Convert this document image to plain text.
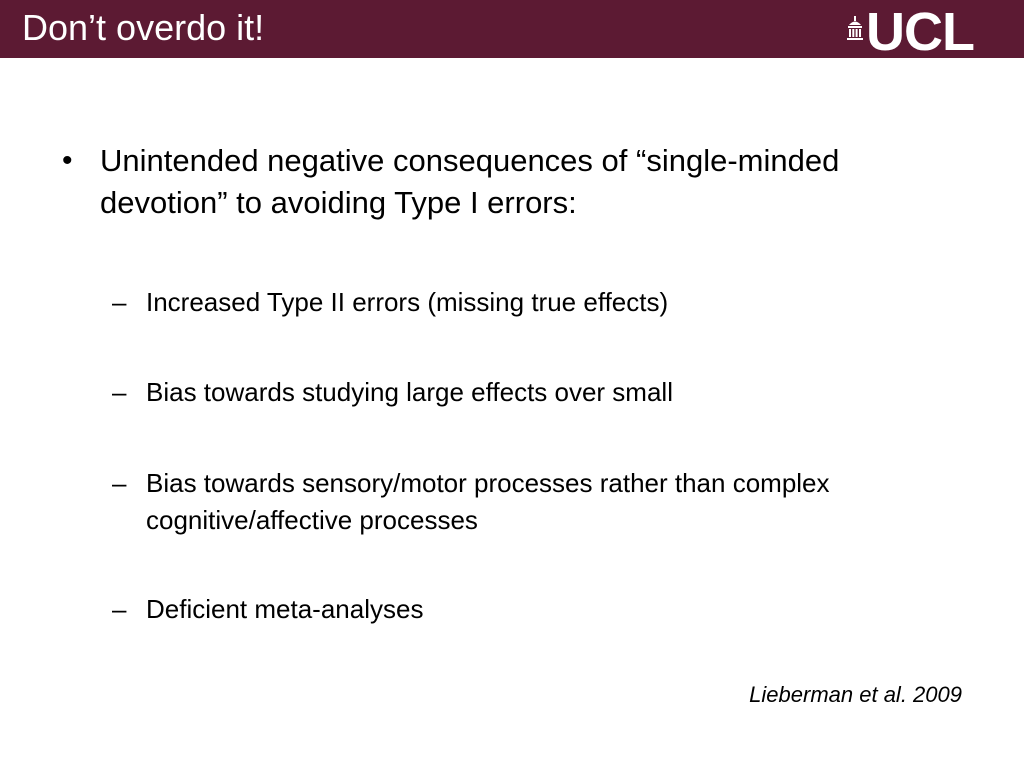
Don’t overdo it!	UCL
• Unintended negative consequences of “single-minded devotion” to avoiding Type I errors:
– Increased Type II errors (missing true effects)
– Bias towards studying large effects over small
– Bias towards sensory/motor processes rather than complex cognitive/affective processes
– Deficient meta-analyses
Lieberman et al. 2009
